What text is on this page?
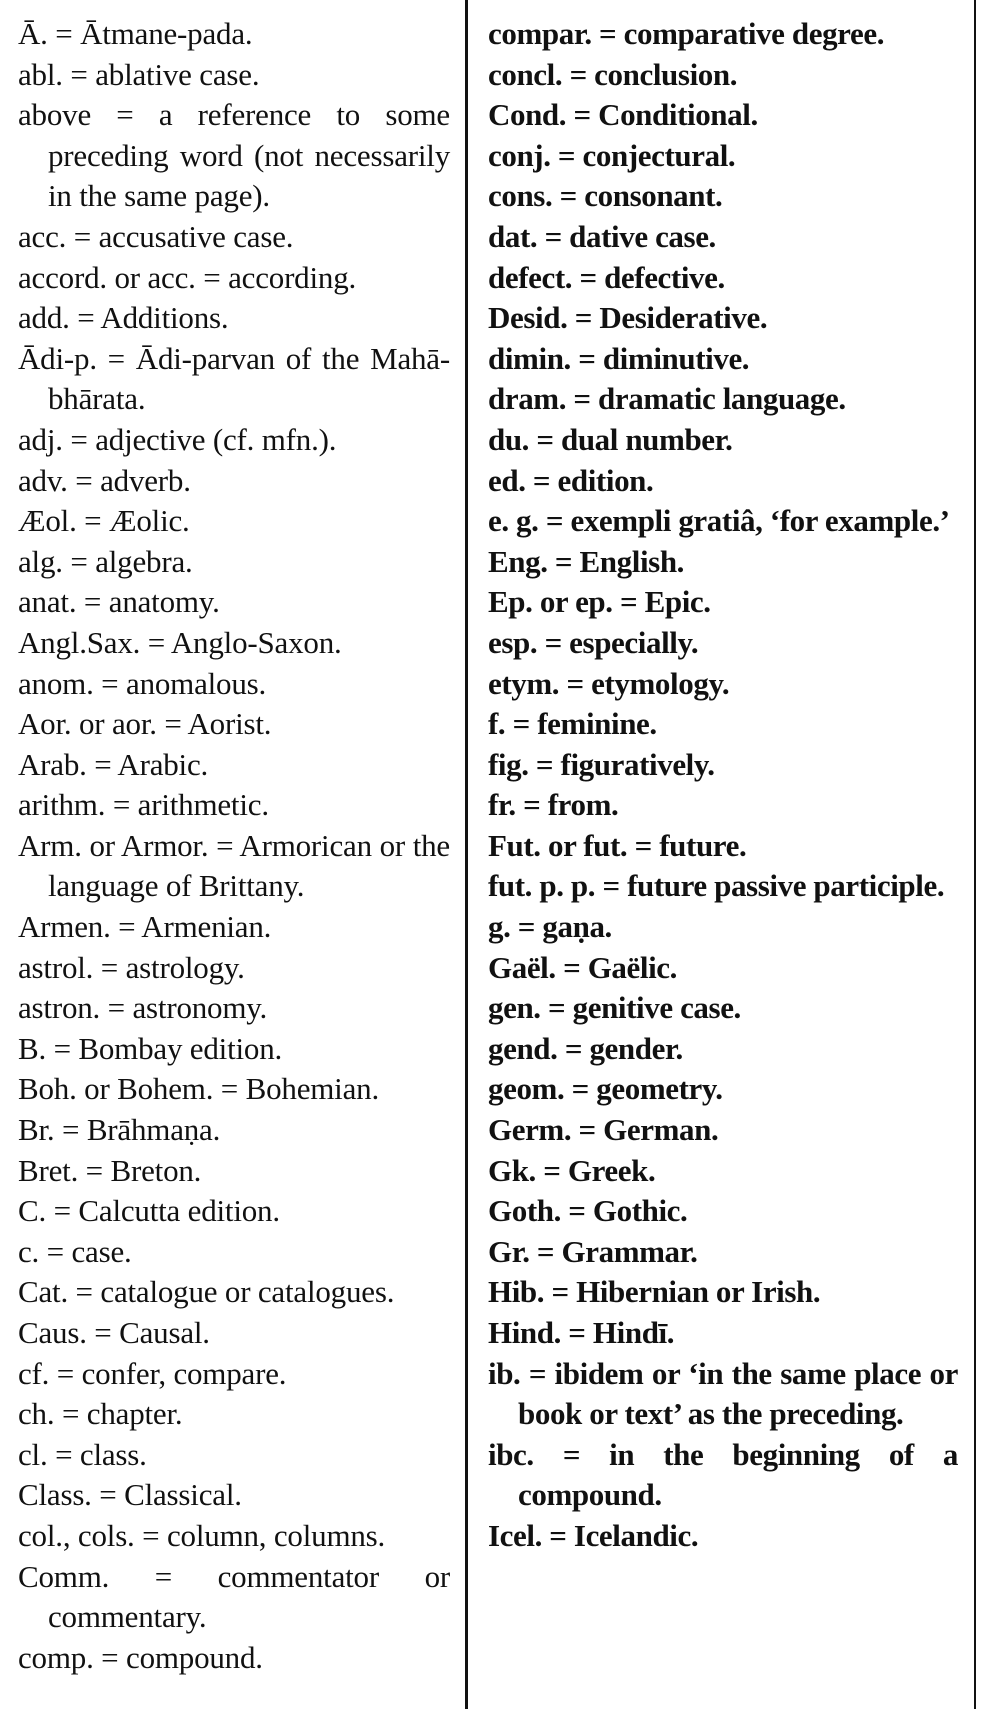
Ā. = Ātmane-pada.
abl. = ablative case.
above = a reference to some preceding word (not necessarily in the same page).
acc. = accusative case.
accord. or acc. = according.
add. = Additions.
Ādi-p. = Ādi-parvan of the Mahā-bhārata.
adj. = adjective (cf. mfn.).
adv. = adverb.
Æol. = Æolic.
alg. = algebra.
anat. = anatomy.
Angl.Sax. = Anglo-Saxon.
anom. = anomalous.
Aor. or aor. = Aorist.
Arab. = Arabic.
arithm. = arithmetic.
Arm. or Armor. = Armorican or the language of Brittany.
Armen. = Armenian.
astrol. = astrology.
astron. = astronomy.
B. = Bombay edition.
Boh. or Bohem. = Bohemian.
Br. = Brāhmaṇa.
Bret. = Breton.
C. = Calcutta edition.
c. = case.
Cat. = catalogue or catalogues.
Caus. = Causal.
cf. = confer, compare.
ch. = chapter.
cl. = class.
Class. = Classical.
col., cols. = column, columns.
Comm. = commentator or commentary.
comp. = compound.
compar. = comparative degree.
concl. = conclusion.
Cond. = Conditional.
conj. = conjectural.
cons. = consonant.
dat. = dative case.
defect. = defective.
Desid. = Desiderative.
dimin. = diminutive.
dram. = dramatic language.
du. = dual number.
ed. = edition.
e. g. = exempli gratiâ, ‘for example.’
Eng. = English.
Ep. or ep. = Epic.
esp. = especially.
etym. = etymology.
f. = feminine.
fig. = figuratively.
fr. = from.
Fut. or fut. = future.
fut. p. p. = future passive participle.
g. = gaṇa.
Gaël. = Gaëlic.
gen. = genitive case.
gend. = gender.
geom. = geometry.
Germ. = German.
Gk. = Greek.
Goth. = Gothic.
Gr. = Grammar.
Hib. = Hibernian or Irish.
Hind. = Hindī.
ib. = ibidem or ‘in the same place or book or text’ as the preceding.
ibc. = in the beginning of a compound.
Icel. = Icelandic.
